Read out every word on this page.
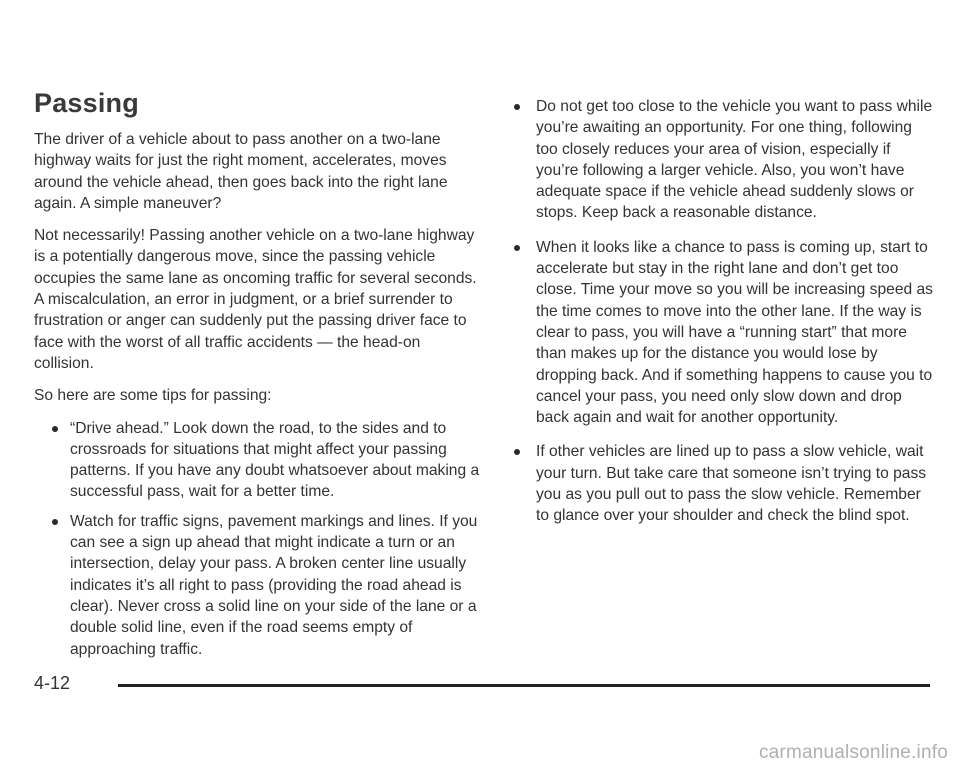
Passing

The driver of a vehicle about to pass another on a two-lane highway waits for just the right moment, accelerates, moves around the vehicle ahead, then goes back into the right lane again. A simple maneuver?

Not necessarily! Passing another vehicle on a two-lane highway is a potentially dangerous move, since the passing vehicle occupies the same lane as oncoming traffic for several seconds. A miscalculation, an error in judgment, or a brief surrender to frustration or anger can suddenly put the passing driver face to face with the worst of all traffic accidents — the head-on collision.

So here are some tips for passing:

“Drive ahead.” Look down the road, to the sides and to crossroads for situations that might affect your passing patterns. If you have any doubt whatsoever about making a successful pass, wait for a better time.
Watch for traffic signs, pavement markings and lines. If you can see a sign up ahead that might indicate a turn or an intersection, delay your pass. A broken center line usually indicates it’s all right to pass (providing the road ahead is clear). Never cross a solid line on your side of the lane or a double solid line, even if the road seems empty of approaching traffic.
Do not get too close to the vehicle you want to pass while you’re awaiting an opportunity. For one thing, following too closely reduces your area of vision, especially if you’re following a larger vehicle. Also, you won’t have adequate space if the vehicle ahead suddenly slows or stops. Keep back a reasonable distance.
When it looks like a chance to pass is coming up, start to accelerate but stay in the right lane and don’t get too close. Time your move so you will be increasing speed as the time comes to move into the other lane. If the way is clear to pass, you will have a “running start” that more than makes up for the distance you would lose by dropping back. And if something happens to cause you to cancel your pass, you need only slow down and drop back again and wait for another opportunity.
If other vehicles are lined up to pass a slow vehicle, wait your turn. But take care that someone isn’t trying to pass you as you pull out to pass the slow vehicle. Remember to glance over your shoulder and check the blind spot.
4-12
carmanualsonline.info
